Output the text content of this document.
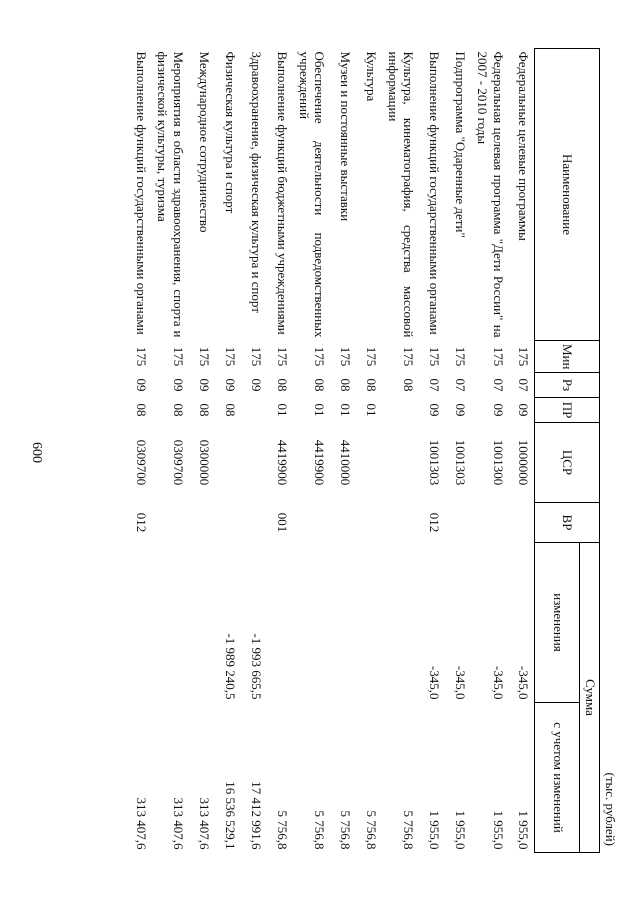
600
(тыс. рублей)
Наименование	Мин	Рз	ПР	ЦСР	ВР	Сумма	
						изменения	с учетом изменений
Федеральные целевые программы	175	07	09	1000000		-345,0	1 955,0
Федеральная целевая программа "Дети России" на 2007 - 2010 годы	175	07	09	1001300		-345,0	1 955,0
Подпрограмма "Одаренные дети"	175	07	09	1001303		-345,0	1 955,0
Выполнение функций государственными органами	175	07	09	1001303	012	-345,0	1 955,0
Культура, кинематография, средства массовой информации	175	08					5 756,8
Культура	175	08	01				5 756,8
Музеи и постоянные выставки	175	08	01	4410000			5 756,8
Обеспечение деятельности подведомственных учреждений	175	08	01	4419900			5 756,8
Выполнение функций бюджетными учреждениями	175	08	01	4419900	001		5 756,8
Здравоохранение, физическая культура и спорт	175	09				-1 993 665,5	17 412 991,6
Физическая культура и спорт	175	09	08			-1 989 240,5	16 536 529,1
Международное сотрудничество	175	09	08	0300000			313 407,6
Мероприятия в области здравоохранения, спорта и физической культуры, туризма	175	09	08	0309700			313 407,6
Выполнение функций государственными органами	175	09	08	0309700	012		313 407,6
